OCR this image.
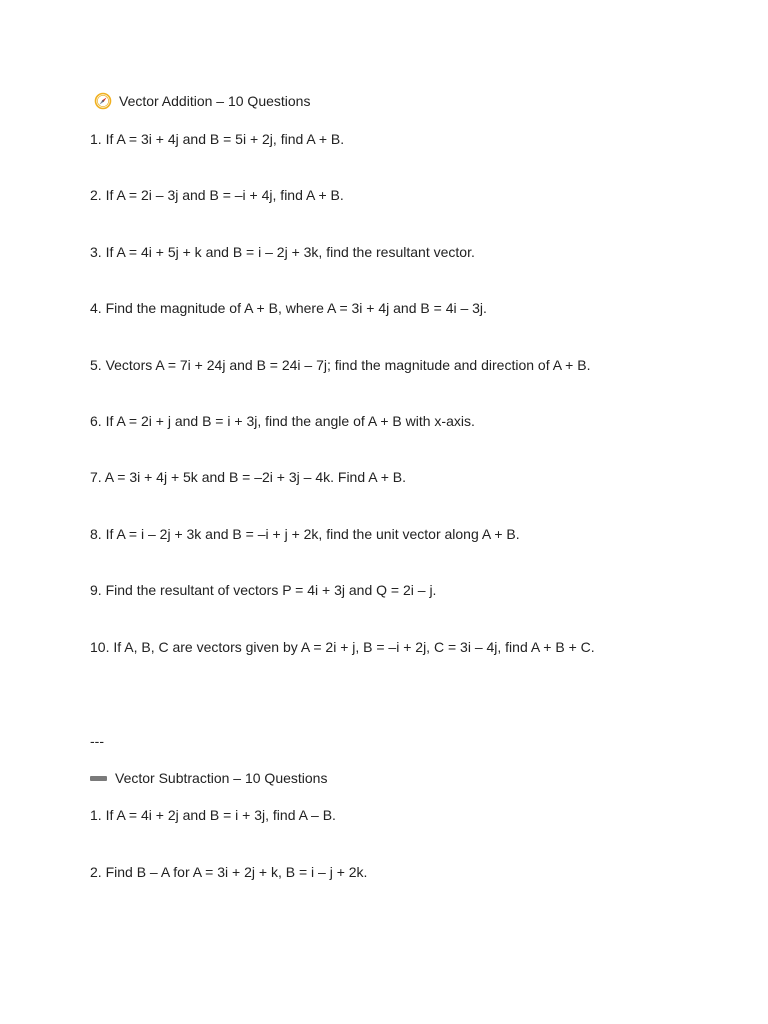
Vector Addition – 10 Questions
1. If A = 3i + 4j and B = 5i + 2j, find A + B.
2. If A = 2i – 3j and B = –i + 4j, find A + B.
3. If A = 4i + 5j + k and B = i – 2j + 3k, find the resultant vector.
4. Find the magnitude of A + B, where A = 3i + 4j and B = 4i – 3j.
5. Vectors A = 7i + 24j and B = 24i – 7j; find the magnitude and direction of A + B.
6. If A = 2i + j and B = i + 3j, find the angle of A + B with x-axis.
7. A = 3i + 4j + 5k and B = –2i + 3j – 4k. Find A + B.
8. If A = i – 2j + 3k and B = –i + j + 2k, find the unit vector along A + B.
9. Find the resultant of vectors P = 4i + 3j and Q = 2i – j.
10. If A, B, C are vectors given by A = 2i + j, B = –i + 2j, C = 3i – 4j, find A + B + C.
---
Vector Subtraction – 10 Questions
1. If A = 4i + 2j and B = i + 3j, find A – B.
2. Find B – A for A = 3i + 2j + k, B = i – j + 2k.
